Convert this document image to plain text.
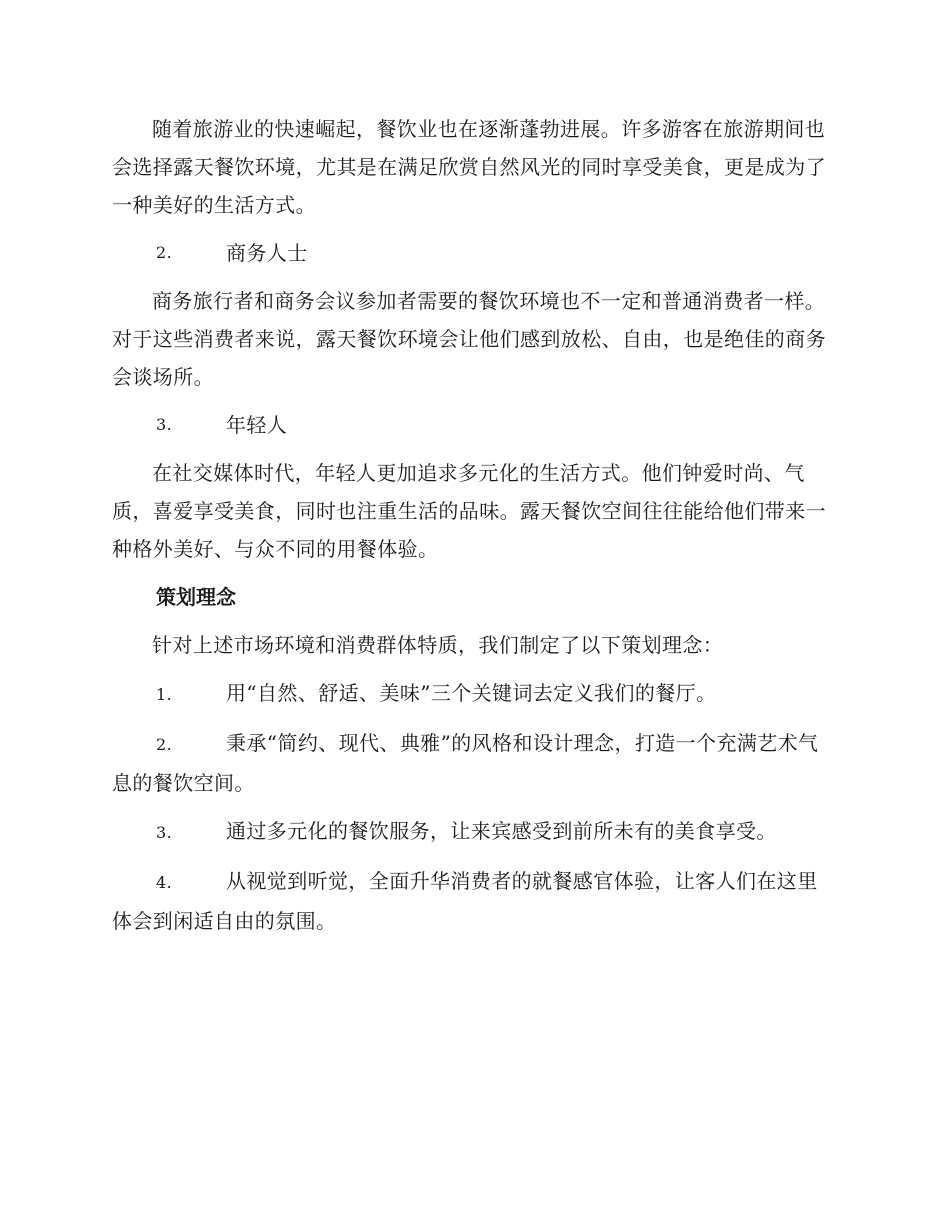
随着旅游业的快速崛起，餐饮业也在逐渐蓬勃进展。许多游客在旅游期间也会选择露天餐饮环境，尤其是在满足欣赏自然风光的同时享受美食，更是成为了一种美好的生活方式。

2.	商务人士

商务旅行者和商务会议参加者需要的餐饮环境也不一定和普通消费者一样。对于这些消费者来说，露天餐饮环境会让他们感到放松、自由，也是绝佳的商务会谈场所。

3.	年轻人

在社交媒体时代，年轻人更加追求多元化的生活方式。他们钟爱时尚、气质，喜爱享受美食，同时也注重生活的品味。露天餐饮空间往往能给他们带来一种格外美好、与众不同的用餐体验。

策划理念

针对上述市场环境和消费群体特质，我们制定了以下策划理念：

1.	用“自然、舒适、美味”三个关键词去定义我们的餐厅。
2.	秉承“简约、现代、典雅”的风格和设计理念，打造一个充满艺术气息的餐饮空间。
3.	通过多元化的餐饮服务，让来宾感受到前所未有的美食享受。
4.	从视觉到听觉，全面升华消费者的就餐感官体验，让客人们在这里体会到闲适自由的氛围。
